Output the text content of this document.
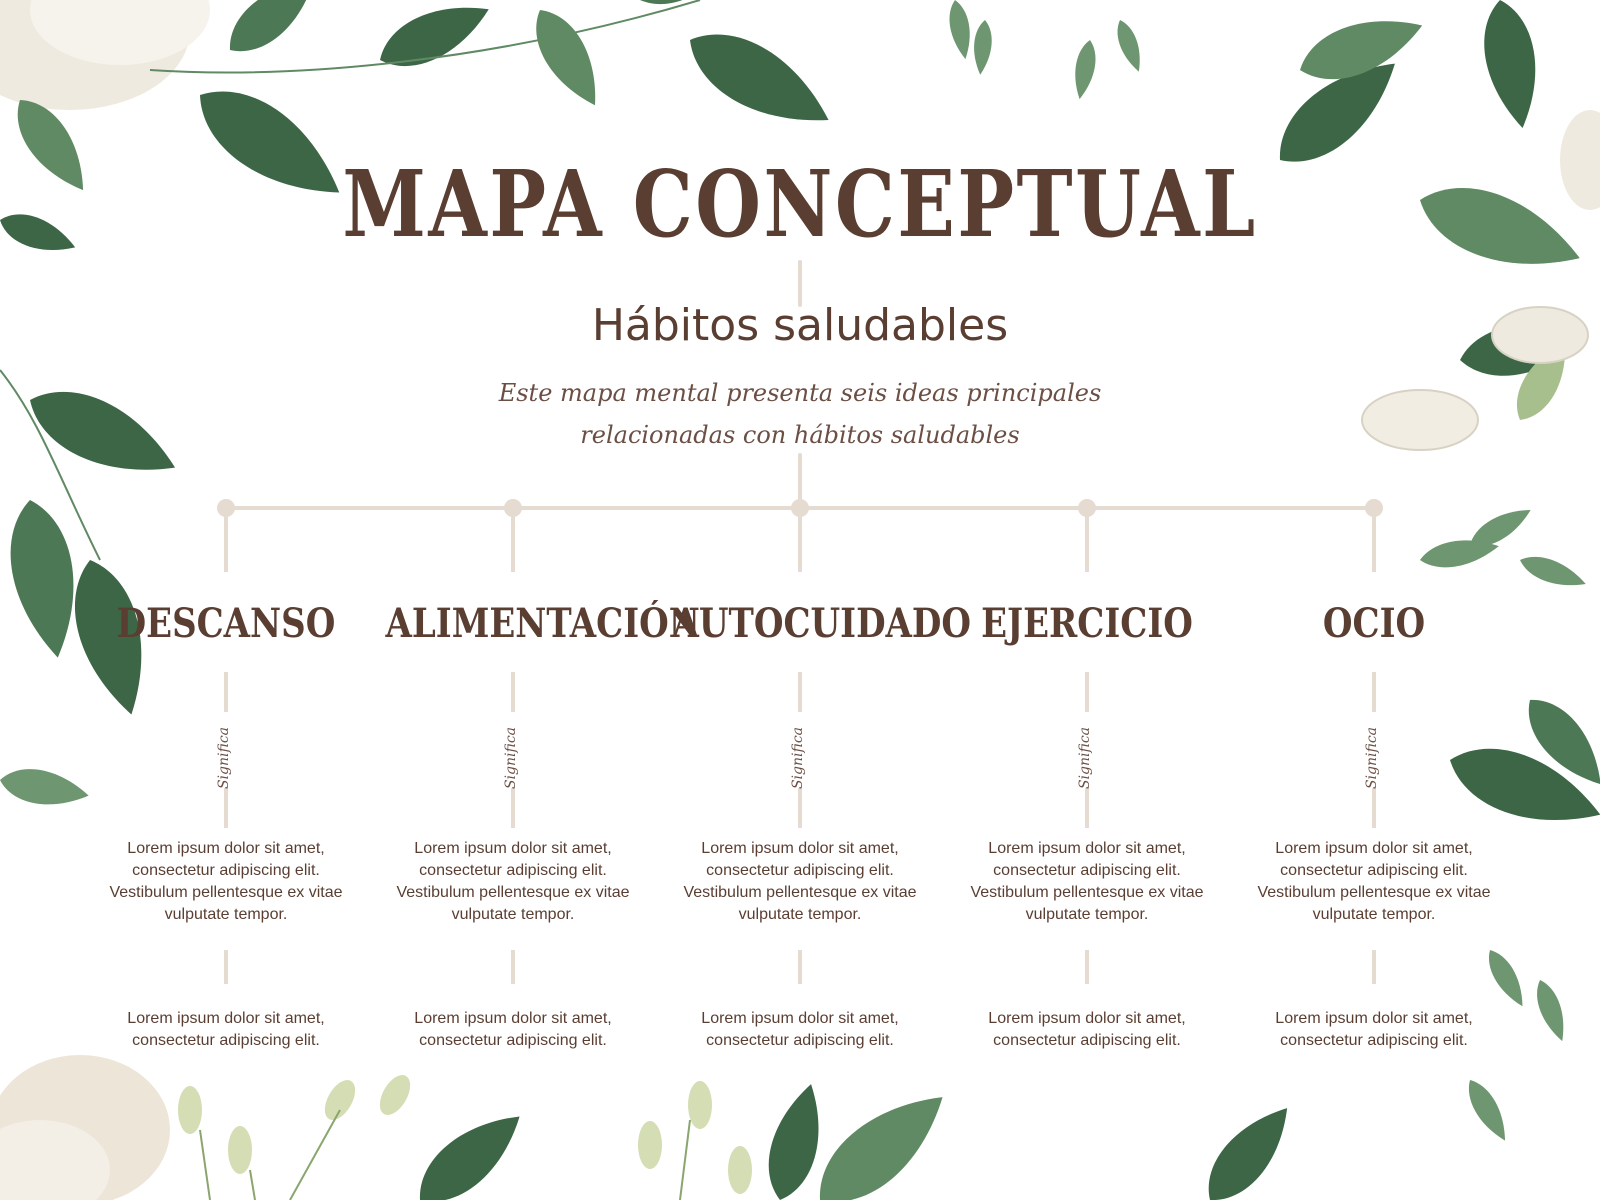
MAPA CONCEPTUAL
Hábitos saludables
Este mapa mental presenta seis ideas principales relacionadas con hábitos saludables
DESCANSO
Significa
Lorem ipsum dolor sit amet, consectetur adipiscing elit. Vestibulum pellentesque ex vitae vulputate tempor.
Lorem ipsum dolor sit amet, consectetur adipiscing elit.
ALIMENTACIÓN
Significa
Lorem ipsum dolor sit amet, consectetur adipiscing elit. Vestibulum pellentesque ex vitae vulputate tempor.
Lorem ipsum dolor sit amet, consectetur adipiscing elit.
AUTOCUIDADO
Significa
Lorem ipsum dolor sit amet, consectetur adipiscing elit. Vestibulum pellentesque ex vitae vulputate tempor.
Lorem ipsum dolor sit amet, consectetur adipiscing elit.
EJERCICIO
Significa
Lorem ipsum dolor sit amet, consectetur adipiscing elit. Vestibulum pellentesque ex vitae vulputate tempor.
Lorem ipsum dolor sit amet, consectetur adipiscing elit.
OCIO
Significa
Lorem ipsum dolor sit amet, consectetur adipiscing elit. Vestibulum pellentesque ex vitae vulputate tempor.
Lorem ipsum dolor sit amet, consectetur adipiscing elit.
